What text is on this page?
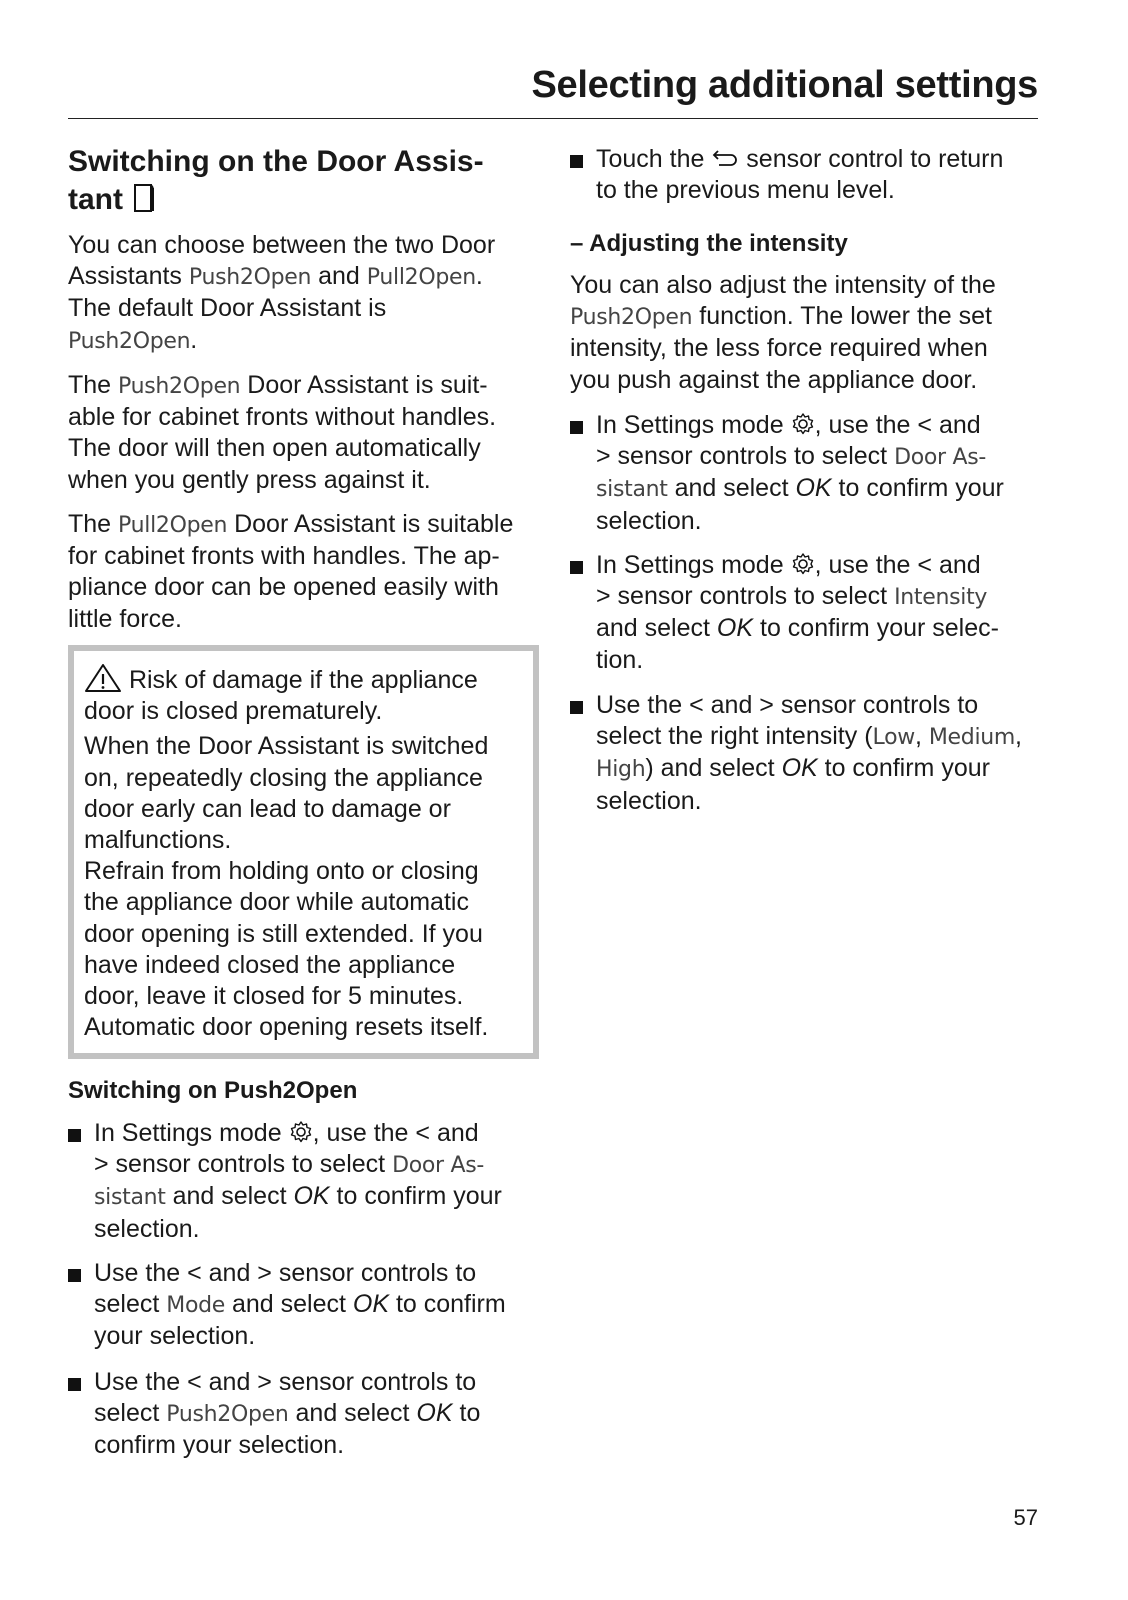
Selecting additional settings
Switching on the Door Assis-
tant
You can choose between the two Door
Assistants Push2Open and Pull2Open.
The default Door Assistant is
Push2Open.
The Push2Open Door Assistant is suit-
able for cabinet fronts without handles.
The door will then open automatically
when you gently press against it.
The Pull2Open Door Assistant is suitable
for cabinet fronts with handles. The ap-
pliance door can be opened easily with
little force.
Risk of damage if the appliance
door is closed prematurely.
When the Door Assistant is switched
on, repeatedly closing the appliance
door early can lead to damage or
malfunctions.
Refrain from holding onto or closing
the appliance door while automatic
door opening is still extended. If you
have indeed closed the appliance
door, leave it closed for 5 minutes.
Automatic door opening resets itself.
Switching on Push2Open
In Settings mode , use the < and
> sensor controls to select Door As-
sistant and select OK to confirm your
selection.
Use the < and > sensor controls to
select Mode and select OK to confirm
your selection.
Use the < and > sensor controls to
select Push2Open and select OK to
confirm your selection.
Touch the  sensor control to return
to the previous menu level.
– Adjusting the intensity
You can also adjust the intensity of the
Push2Open function. The lower the set
intensity, the less force required when
you push against the appliance door.
In Settings mode , use the < and
> sensor controls to select Door As-
sistant and select OK to confirm your
selection.
In Settings mode , use the < and
> sensor controls to select Intensity
and select OK to confirm your selec-
tion.
Use the < and > sensor controls to
select the right intensity (Low, Medium,
High) and select OK to confirm your
selection.
57
